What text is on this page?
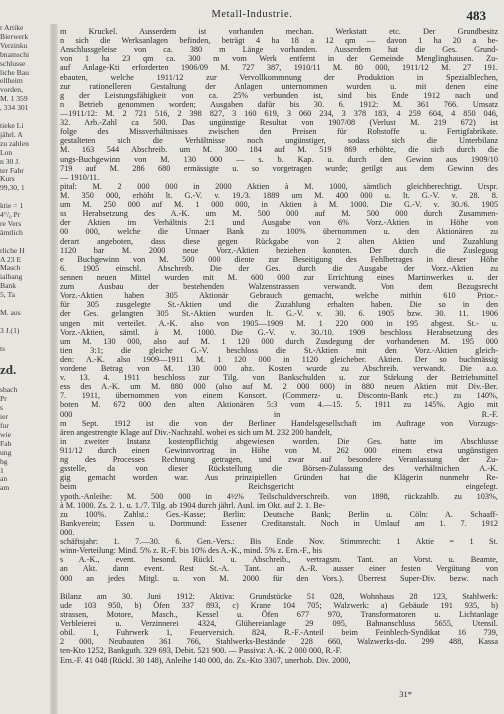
Metall-Industrie.	483
r Artike
Bierwerk
Verzinku
bnamschi
schlusse
liche Bau
ellheim
vorden,
M. 1 359
, 334 301

tieke Li
jährl. A
zu zahlen
Lon
n 30 J.
ter Fabr
Kurs
99,30, 1

ktie = 1
4°/₀ Pr
re Vers
ämtlich

rliche H
A 23 E
Masch
ialbang
Bank
5, Ta

M. aus

3 J.(1)

ts

zd.

sbach
Pr
s
ier
fur
wie
Fab
ung
bg
1
an
am
m Kruckel. Ausserdem ist vorhanden mechan. Werkstatt etc. Der Grundbesitz
n sich die Werksanlagen befinden, beträgt 4 ha 18 a 12 qm — davon 1 ha 20 a be-
Anschlussgeleise von ca. 380 m Länge vorhanden. Ausserdem hat die Ges. Grund-
von 1 ha 23 qm ca. 300 m vom Werk entfernt in der Gemeinde Menglinghausen. Zu-
auf Anlage-Kti erforderten 1906/09 M. 727 387, 1910/11 M. 80 000, 1911/12 M. 27 191.
ebauten, welche 1911/12 zur Vervollkommnung der Produktion in Spezialblechen,
zur rationelleren Gestaltung der Anlagen unternommen wurden u. mit denen eine
g der Leistungsfähigkeit von ca. 25% verbunden ist, sind bis Ende 1912 nach und
n Betrieb genommen worden; Ausgaben dafür bis 30. 6. 1912: M. 361 766. Umsatz
—1911/12: M. 2 721 516, 2 398 827, 3 160 619, 3 060 234, 3 378 183, 4 259 604, 4 850 046,
32. Arb.-Zahl ca 500. Das ungünstige Resultat von 1907/08 (Verlust M. 219 672) ist
folge des Missverhältnisses zwischen den Preisen für Rohstoffe u. Fertigfabrikate.
gestalteten sich die Verhältnisse noch ungünstiger, sodass sich die Unterbilanz
M. 163 544 Abschreib. um M. 300 184 auf M. 519 869 erhöhte, die sich durch die
ungs-Buchgewinn von M. 130 000 — s. b. Kap. u. durch den Gewinn aus 1909/10
719 auf M. 286 680 ermässigte u. so vorgetragen wurde; getilgt aus dem Gewinn des
— 1910/11.
pital: M. 2 000 000 in 2000 Aktien à M. 1000, sämtlich gleichberechtigt. Urspr.
M. 350 000, erhöht lt. G.-V. v. 19./3. 1889 um M. 400 000 u. lt. G.-V. v. 28. 8.
um M. 250 000 auf M. 1 000 000, in Aktien à M. 1000. Die G.-V. v. 30./6. 1905
ss Herabsetzung des A.-K. um M. 500 000 auf M. 500 000 durch Zusammen-
der Aktien im Verhältnis 2:1 und Ausgabe von 6% Vorz.-Aktien in Höhe von
00 000, welche die Unnaer Bank zu 100% übernommen u. den Aktionären zu
derart angeboten, dass diese gegen Rückgabe von 2 alten Aktien und Zuzahlung
1120 bar M. 2000 neue Vorz.-Aktien beziehen konnten. Der durch die Zusleguug
e Buchgewinn von M. 500 000 diente zur Beseitigung des Fehlbetrages in dieser Höhe
6. 1905 einschl. Abschreib. Die der Ges. durch die Ausgabe der Vorz.-Aktien zu
sennen neuen Mittel wurden mit M. 600 000 zur Errichtung eines Martinwerkes u. der
zum Ausbau der bestehenden Walzenstrassen verwandt. Von dem Bezugsrecht
Vorz.-Aktien haben 305 Aktionär Gebrauch gemacht, welche mithin 610 Prior.-
für 305 zusgelegte St.-Aktien und die Zuzahlung erhalten haben. Die so in den
der Ges. gelangten 305 St.-Aktien wurden lt. G.-V. v. 30. 6. 1905 bzw. 30. 11. 1906
ungen mit verteilet. A.-K. also von 1905—1909 M. 1 220 000 in 195 abgest. St.- u.
Vorz.-Aktien, sämtl. à M. 1000. Die G.-V. v. 30./10. 1909 beschloss Herabsetzung des
um M. 130 000, also auf M. 1 120 000 durch Zusdegung der vorhandenen M. 195 000
tien 3:1; die gleiche G.-V. beschloss die St.-Aktien mit den Vorz.-Aktien gleich-
den: A.-K. also 1909—1911 M. 1 120 000 in 1120 gleicheber. Aktien. Der so buchmässig
vordene Betrag von M. 130 000 abz. Kosten wurde zu Abschreib. verwandt. Die a.o.
v. 13. 4. 1911 beschloss zur Tilg. von Bankschulden u. zur Stärkung der Betriebsmittel
ess des A.-K. um M. 880 000 (also auf M. 2 000 000) in 880 neuen Aktien mit Div.-Ber.
7. 1911, übernommen von einem Konsort. (Commerz- u. Disconto-Bank etc.) zu 140%,
boten M. 672 000 den alten Aktionären 5:3 vom 4.—15. 5. 1911 zu 145%. Agio mit
000 in R.-F.
m Sept. 1912 ist die von der Berliner Handelsgesellschaft im Auftrage von Vorzugs-
ären angestrengte Klage auf Div.-Nachzahl. wobei es sich um M. 232 200 handelt,
in zweiter Instanz kostenpflichtig abgewiesen worden. Die Ges. hatte im Abschlusse
911/12 durch einen Gewinnvortrag in Höhe von M. 262 000 einem etwa ungünstigen
ng des Processes Rechnung getragen, und zwar auf besondere Veranlassung der Zu-
gsstelle, da von dieser Rückstellung die Börsen-Zulassung des verhältnichen A.-K.
gig gemacht worden war. Aus prinzipiellen Gründen hat die Klägerin nunmehr Re-
beim Reichsgericht eingelegt.
ypoth.-Anleihe: M. 500 000 in 4½% Teilschuldverschreib. von 1898, rückzahlb. zu 103%,
à M. 1000. Zs. 2. 1. u. 1./7. Tilg. ab 1904 durch jährl. Ausl. im Okt. auf 2. 1. Be-
zu 100%. Zahlst.: Ges.-Kasse; Berlin: Deutsche Bank; Berlin u. Cöln: A. Schaaff-
Bankverein; Essen u. Dortmund: Essener Creditanstalt. Noch in Umlauf am 1. 7. 1912
000.
schäftsjahr: 1. 7.—30. 6. Gen.-Vers.: Bis Ende Nov. Stimmrecht: 1 Aktie = 1 St.
winn-Verteilung: Mind. 5% z. R.-F. bis 10% des A.-K., mind. 5% z. Ern.-F., bis
s A.-K., event. besond. Rückl. u. Abschreib., vertragsm. Tant. an Vorst. u. Beamte,
an Akt. dann event. Rest St.-A. Tant. an A.-R. ausser einer festen Vergütung von
000 an jedes Mitgl. u. von M. 2000 für den Vors.). Überrest Super-Div. bezw. nach

Bilanz am 30. Juni 1912: Aktiva: Grundstücke 51 028, Wohnhaus 28 123, Stahlwerk:
ude 103 950, b) Öfen 337 893, c) Krane 104 705; Walzwerk: a) Gebäude 191 935, b)
strassen, Motore, Masch., Kessel u. Öfen 677 970, Transformatoren u. Lichtanlage
Verbleierei u. Verzinnerei 4324, Glühereianlage 29 095, Bahnanschluss 5655, Utensil.
obil. 1, Fuhrwerk 1, Feuerversich. 824, R.-F.-Anteil beim Feinblech-Syndikat 16 739,
2 000, Neubauten 361 766, Stahlwerks-Bestände 228 660, Walzwerks-do. 299 488, Kassa
ten-Kto 1252, Bankguth. 329 693, Debit. 521 900. — Passiva: A.-K. 2 000 000, R.-F.
Ern.-F. 41 048 (Rückl. 30 148), Anleihe 140 000, do. Zs.-Kto 3307, unerhob. Div. 2000,
31*
